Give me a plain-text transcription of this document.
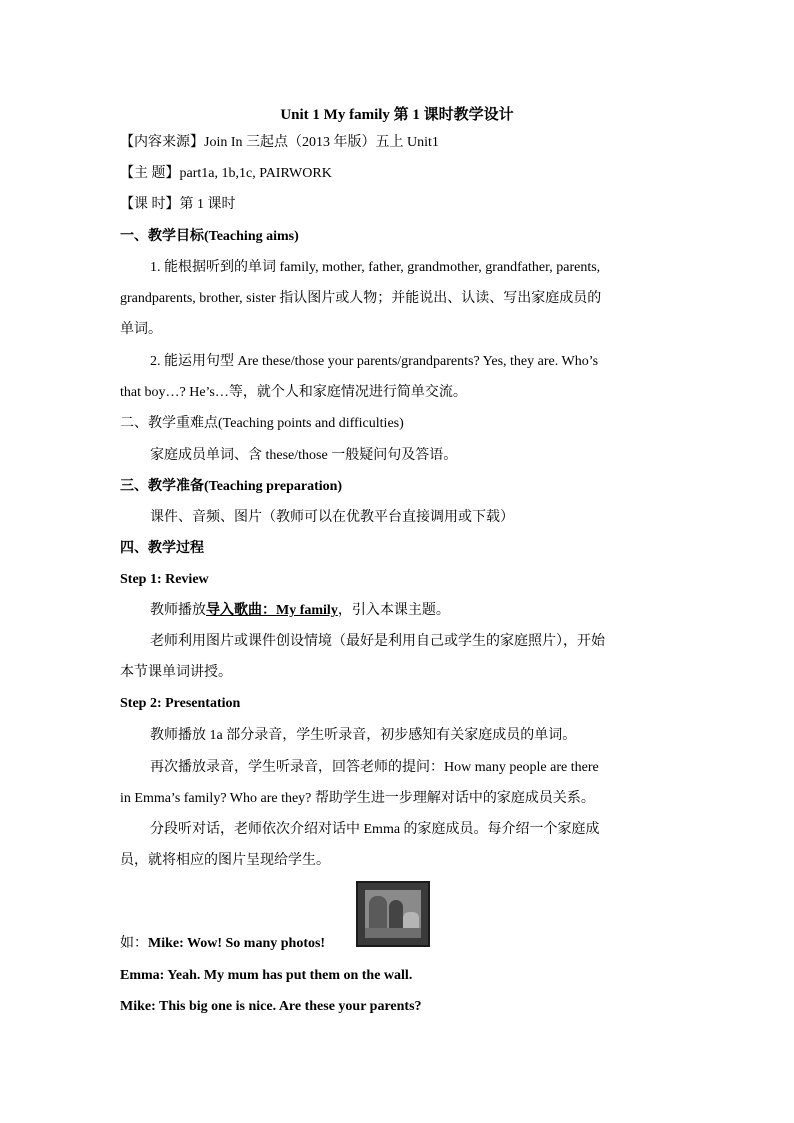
Unit 1 My family 第 1 课时教学设计
【内容来源】Join In 三起点（2013 年版）五上 Unit1
【主 题】part1a, 1b,1c, PAIRWORK
【课 时】第 1 课时
一、教学目标(Teaching aims)
1. 能根据听到的单词 family, mother, father, grandmother, grandfather, parents,
grandparents, brother, sister 指认图片或人物；并能说出、认读、写出家庭成员的
单词。
2. 能运用句型 Are these/those your parents/grandparents? Yes, they are. Who’s
that boy…? He’s…等，就个人和家庭情况进行简单交流。
二、教学重难点(Teaching points and difficulties)
家庭成员单词、含 these/those 一般疑问句及答语。
三、教学准备(Teaching preparation)
课件、音频、图片（教师可以在优教平台直接调用或下载）
四、教学过程
Step 1: Review
教师播放导入歌曲：My family，引入本课主题。
老师利用图片或课件创设情境（最好是利用自己或学生的家庭照片），开始
本节课单词讲授。
Step 2: Presentation
教师播放 1a 部分录音，学生听录音，初步感知有关家庭成员的单词。
再次播放录音，学生听录音，回答老师的提问：How many people are there
in Emma’s family? Who are they? 帮助学生进一步理解对话中的家庭成员关系。
分段听对话，老师依次介绍对话中 Emma 的家庭成员。每介绍一个家庭成
员，就将相应的图片呈现给学生。
如：Mike: Wow! So many photos!
Emma: Yeah. My mum has put them on the wall.
Mike: This big one is nice. Are these your parents?
